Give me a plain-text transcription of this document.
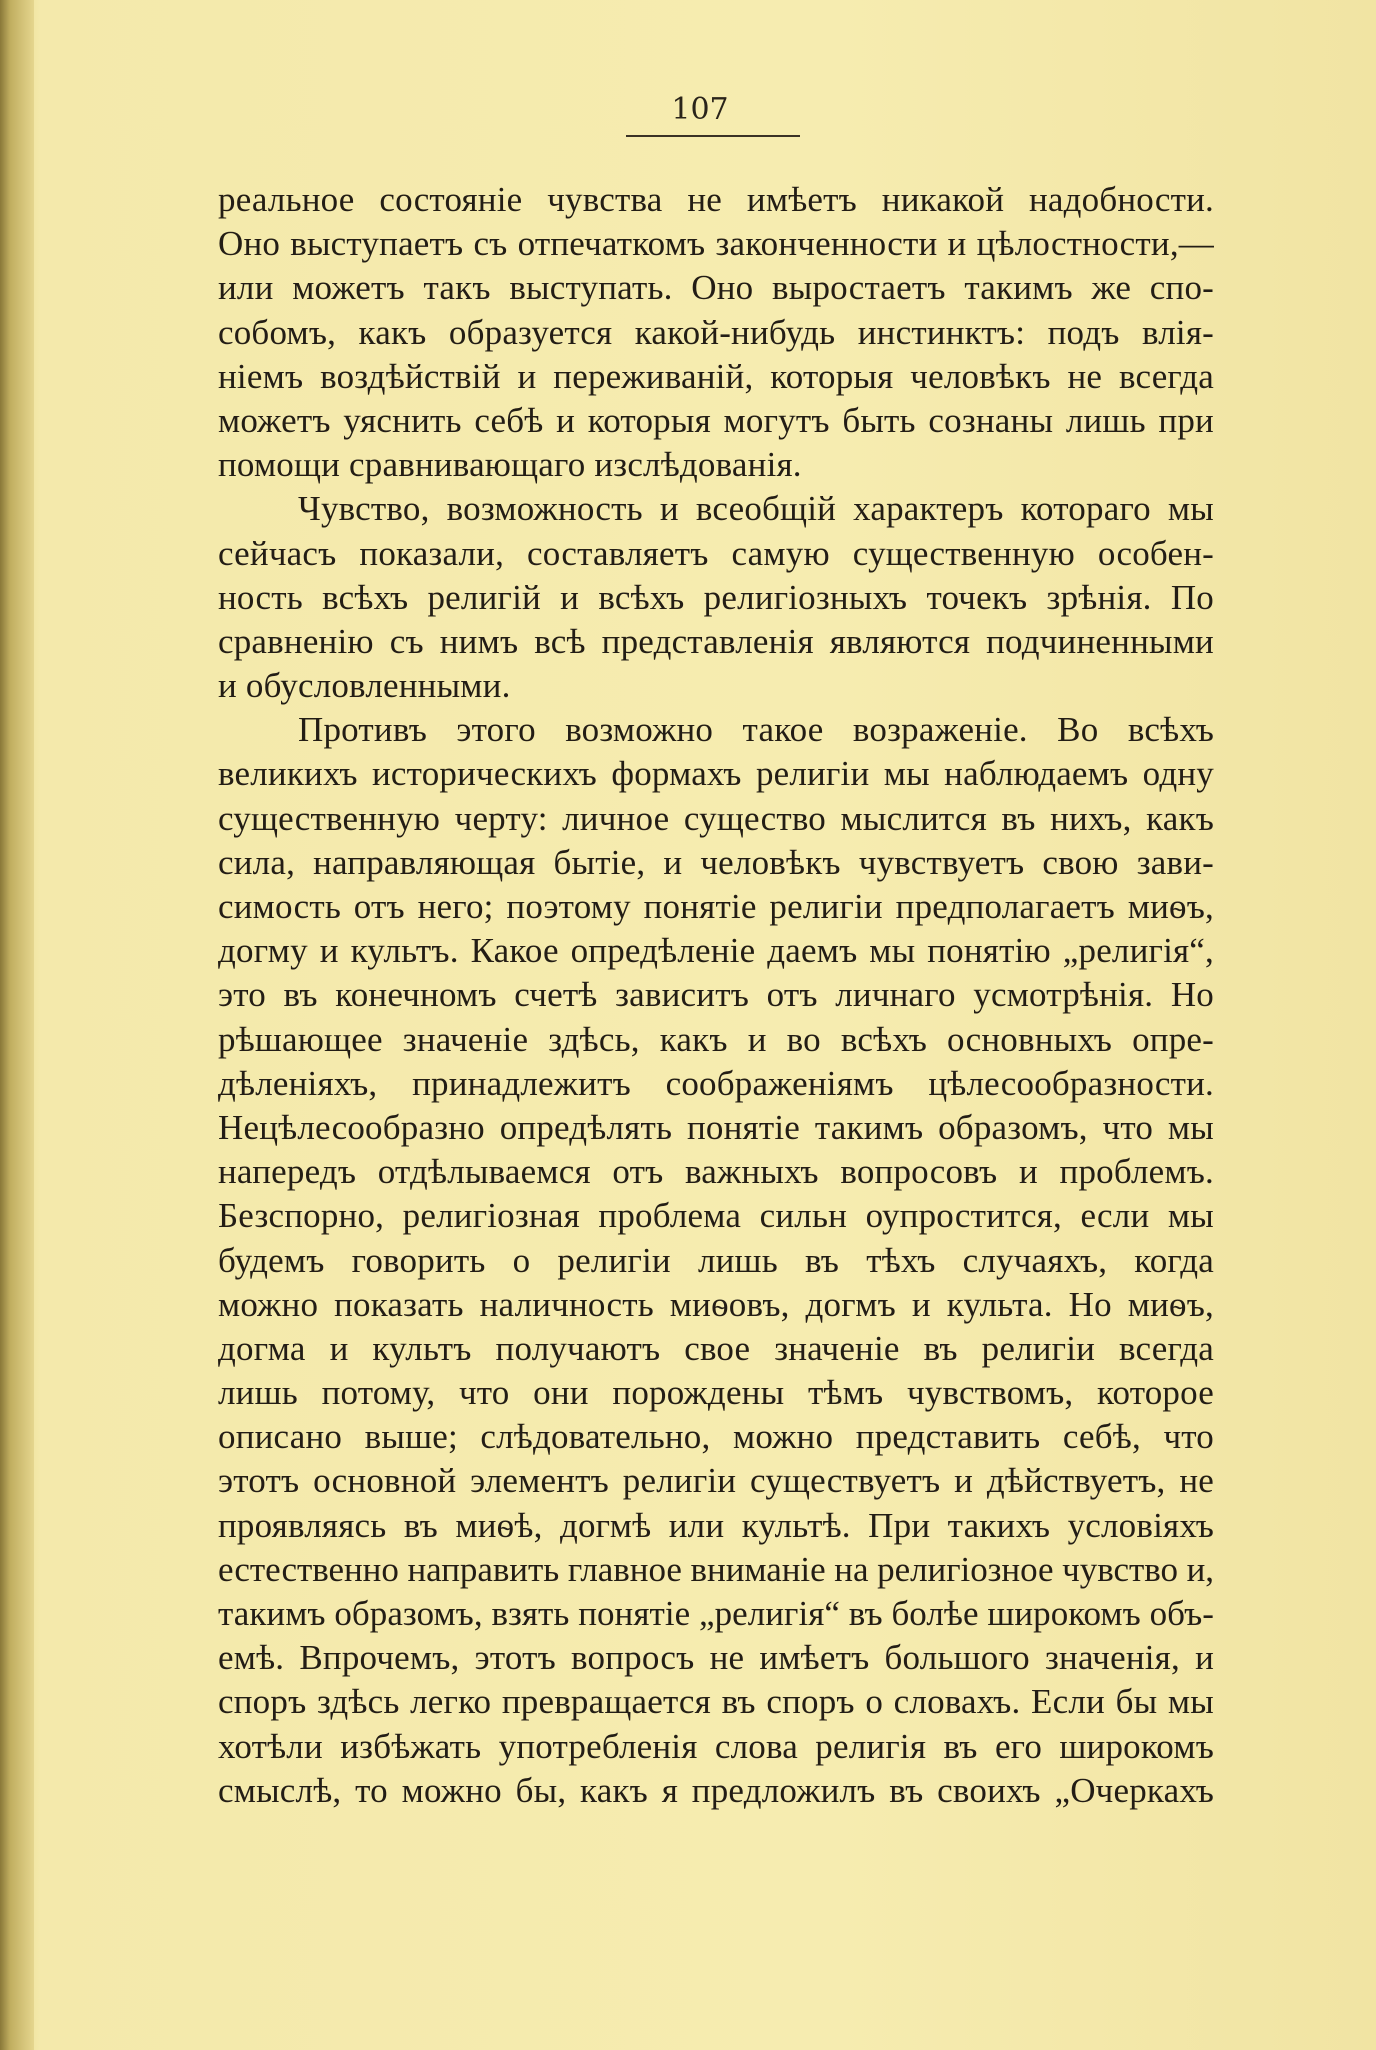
107
реальное состоянiе чувства не имѣетъ никакой надобности.
Оно выступаетъ съ отпечаткомъ законченности и цѣлостности,—
или можетъ такъ выступать. Оно выростаетъ такимъ же спо-
собомъ, какъ образуется какой-нибудь инстинктъ: подъ влiя-
нiемъ воздѣйствiй и переживанiй, которыя человѣкъ не всегда
можетъ уяснить себѣ и которыя могутъ быть сознаны лишь при
помощи сравнивающаго изслѣдованiя.
Чувство, возможность и всеобщiй характеръ котораго мы
сейчасъ показали, составляетъ самую существенную особен-
ность всѣхъ религiй и всѣхъ религiозныхъ точекъ зрѣнiя. По
сравненiю съ нимъ всѣ представленiя являются подчиненными
и обусловленными.
Противъ этого возможно такое возраженiе. Во всѣхъ
великихъ историческихъ формахъ религiи мы наблюдаемъ одну
существенную черту: личное существо мыслится въ нихъ, какъ
сила, направляющая бытiе, и человѣкъ чувствуетъ свою зави-
симость отъ него; поэтому понятiе религiи предполагаетъ миѳъ,
догму и культъ. Какое опредѣленiе даемъ мы понятiю „религiя“,
это въ конечномъ счетѣ зависитъ отъ личнаго усмотрѣнiя. Но
рѣшающее значенiе здѣсь, какъ и во всѣхъ основныхъ опре-
дѣленiяхъ, принадлежитъ соображенiямъ цѣлесообразности.
Нецѣлесообразно опредѣлять понятiе такимъ образомъ, что мы
напередъ отдѣлываемся отъ важныхъ вопросовъ и проблемъ.
Безспорно, религiозная проблема сильн оупростится, если мы
будемъ говорить о религiи лишь въ тѣхъ случаяхъ, когда
можно показать наличность миѳовъ, догмъ и культа. Но миѳъ,
догма и культъ получаютъ свое значенiе въ религiи всегда
лишь потому, что они порождены тѣмъ чувствомъ, которое
описано выше; слѣдовательно, можно представить себѣ, что
этотъ основной элементъ религiи существуетъ и дѣйствуетъ, не
проявляясь въ миѳѣ, догмѣ или культѣ. При такихъ условiяхъ
естественно направить главное вниманiе на религiозное чувство и,
такимъ образомъ, взять понятiе „религiя“ въ болѣе широкомъ объ-
емѣ. Впрочемъ, этотъ вопросъ не имѣетъ большого значенiя, и
споръ здѣсь легко превращается въ споръ о словахъ. Если бы мы
хотѣли избѣжать употребленiя слова религiя въ его широкомъ
смыслѣ, то можно бы, какъ я предложилъ въ своихъ „Очеркахъ
